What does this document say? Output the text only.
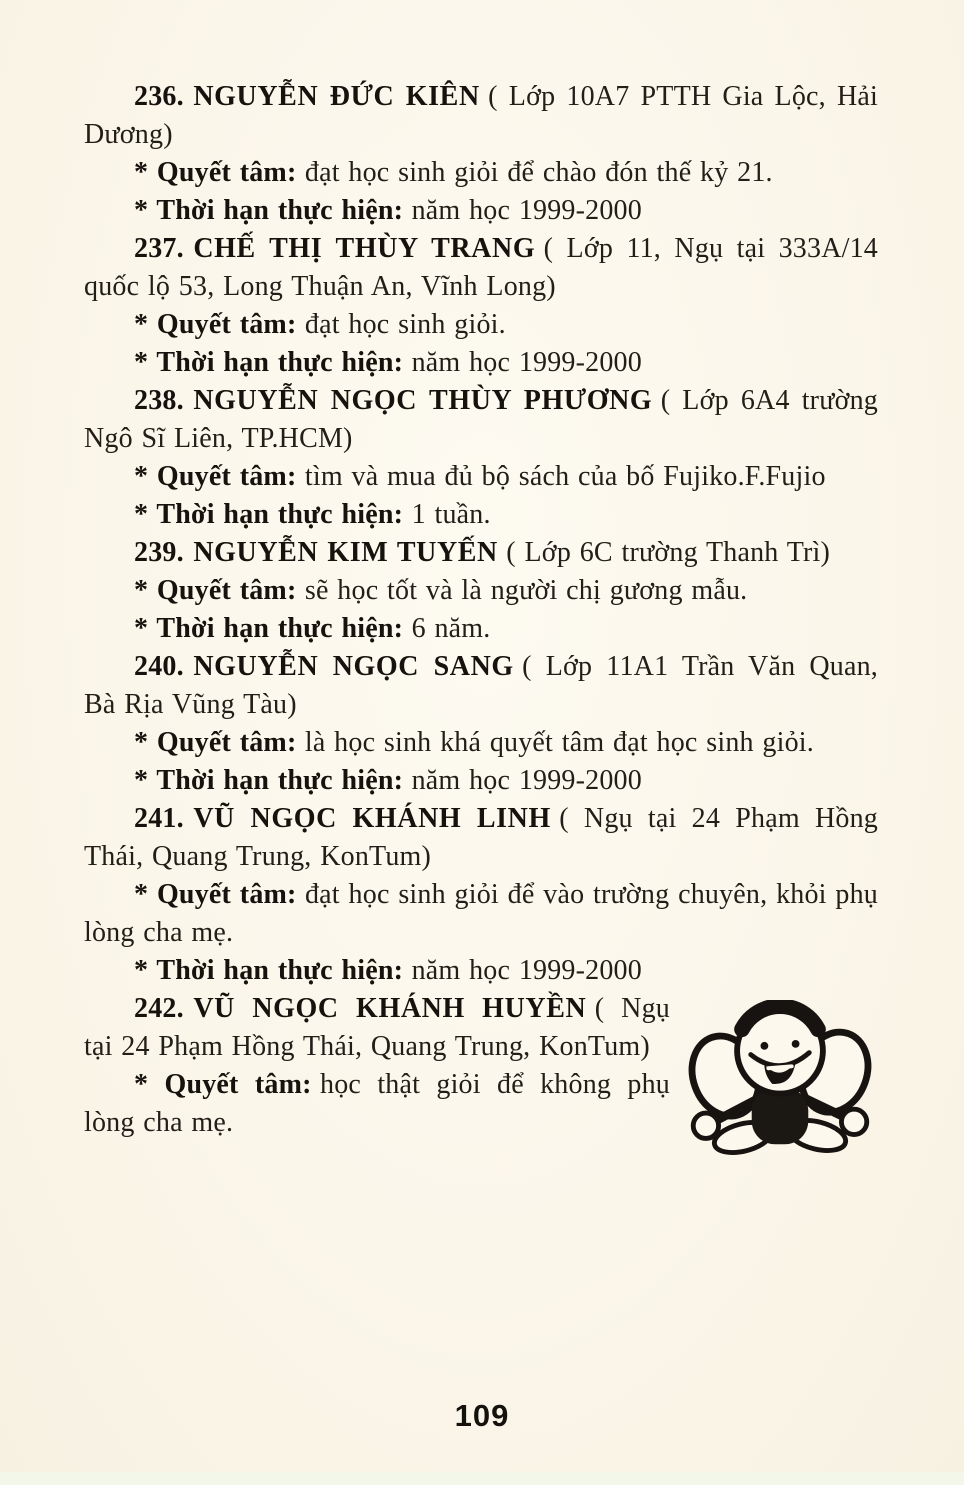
236. NGUYỄN ĐỨC KIÊN ( Lớp 10A7 PTTH Gia Lộc, Hải Dương)

* Quyết tâm: đạt học sinh giỏi để chào đón thế kỷ 21.

* Thời hạn thực hiện: năm học 1999-2000

237. CHẾ THỊ THÙY TRANG ( Lớp 11, Ngụ tại 333A/14 quốc lộ 53, Long Thuận An, Vĩnh Long)

* Quyết tâm: đạt học sinh giỏi.

* Thời hạn thực hiện: năm học 1999-2000

238. NGUYỄN NGỌC THÙY PHƯƠNG ( Lớp 6A4 trường Ngô Sĩ Liên, TP.HCM)

* Quyết tâm: tìm và mua đủ bộ sách của bố Fujiko.F.Fujio

* Thời hạn thực hiện: 1 tuần.

239. NGUYỄN KIM TUYẾN ( Lớp 6C trường Thanh Trì)

* Quyết tâm: sẽ học tốt và là người chị gương mẫu.

* Thời hạn thực hiện: 6 năm.

240. NGUYỄN NGỌC SANG ( Lớp 11A1 Trần Văn Quan, Bà Rịa Vũng Tàu)

* Quyết tâm: là học sinh khá quyết tâm đạt học sinh giỏi.

* Thời hạn thực hiện: năm học 1999-2000

241. VŨ NGỌC KHÁNH LINH ( Ngụ tại 24 Phạm Hồng Thái, Quang Trung, KonTum)

* Quyết tâm: đạt học sinh giỏi để vào trường chuyên, khỏi phụ lòng cha mẹ.

* Thời hạn thực hiện: năm học 1999-2000

242. VŨ NGỌC KHÁNH HUYỀN ( Ngụ tại 24 Phạm Hồng Thái, Quang Trung, KonTum)

* Quyết tâm: học thật giỏi để không phụ lòng cha mẹ.

109
